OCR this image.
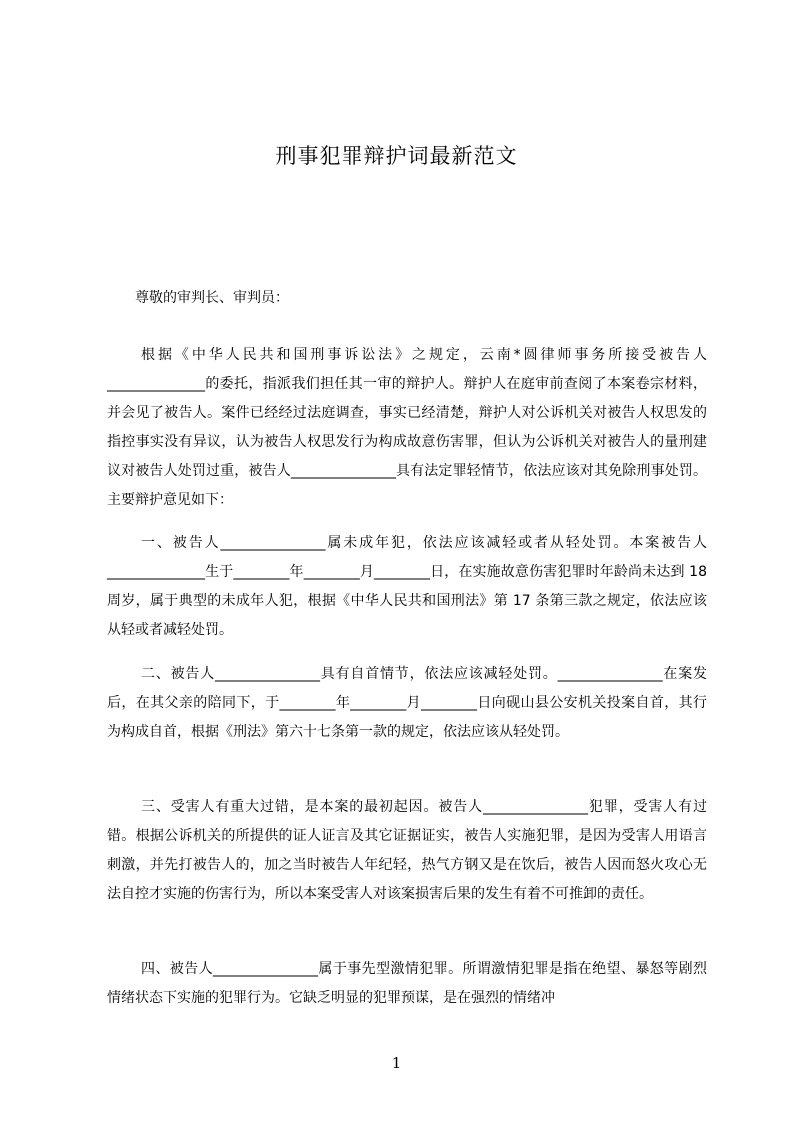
刑事犯罪辩护词最新范文
尊敬的审判长、审判员：
根据《中华人民共和国刑事诉讼法》之规定，云南*圆律师事务所接受被告人______________的委托，指派我们担任其一审的辩护人。辩护人在庭审前查阅了本案卷宗材料，并会见了被告人。案件已经经过法庭调查，事实已经清楚，辩护人对公诉机关对被告人权思发的指控事实没有异议，认为被告人权思发行为构成故意伤害罪，但认为公诉机关对被告人的量刑建议对被告人处罚过重，被告人_______________具有法定罪轻情节，依法应该对其免除刑事处罚。主要辩护意见如下：
一、被告人_______________属未成年犯，依法应该减轻或者从轻处罚。本案被告人______________生于________年________月________日，在实施故意伤害犯罪时年龄尚未达到 18 周岁，属于典型的未成年人犯，根据《中华人民共和国刑法》第 17 条第三款之规定，依法应该从轻或者减轻处罚。
二、被告人_______________具有自首情节，依法应该减轻处罚。_______________在案发后，在其父亲的陪同下，于________年________月________日向砚山县公安机关投案自首，其行为构成自首，根据《刑法》第六十七条第一款的规定，依法应该从轻处罚。
三、受害人有重大过错，是本案的最初起因。被告人_______________犯罪，受害人有过错。根据公诉机关的所提供的证人证言及其它证据证实，被告人实施犯罪，是因为受害人用语言刺激，并先打被告人的，加之当时被告人年纪轻，热气方钢又是在饮后，被告人因而怒火攻心无法自控才实施的伤害行为，所以本案受害人对该案损害后果的发生有着不可推卸的责任。
四、被告人_______________属于事先型激情犯罪。所谓激情犯罪是指在绝望、暴怒等剧烈情绪状态下实施的犯罪行为。它缺乏明显的犯罪预谋，是在强烈的情绪冲
1
